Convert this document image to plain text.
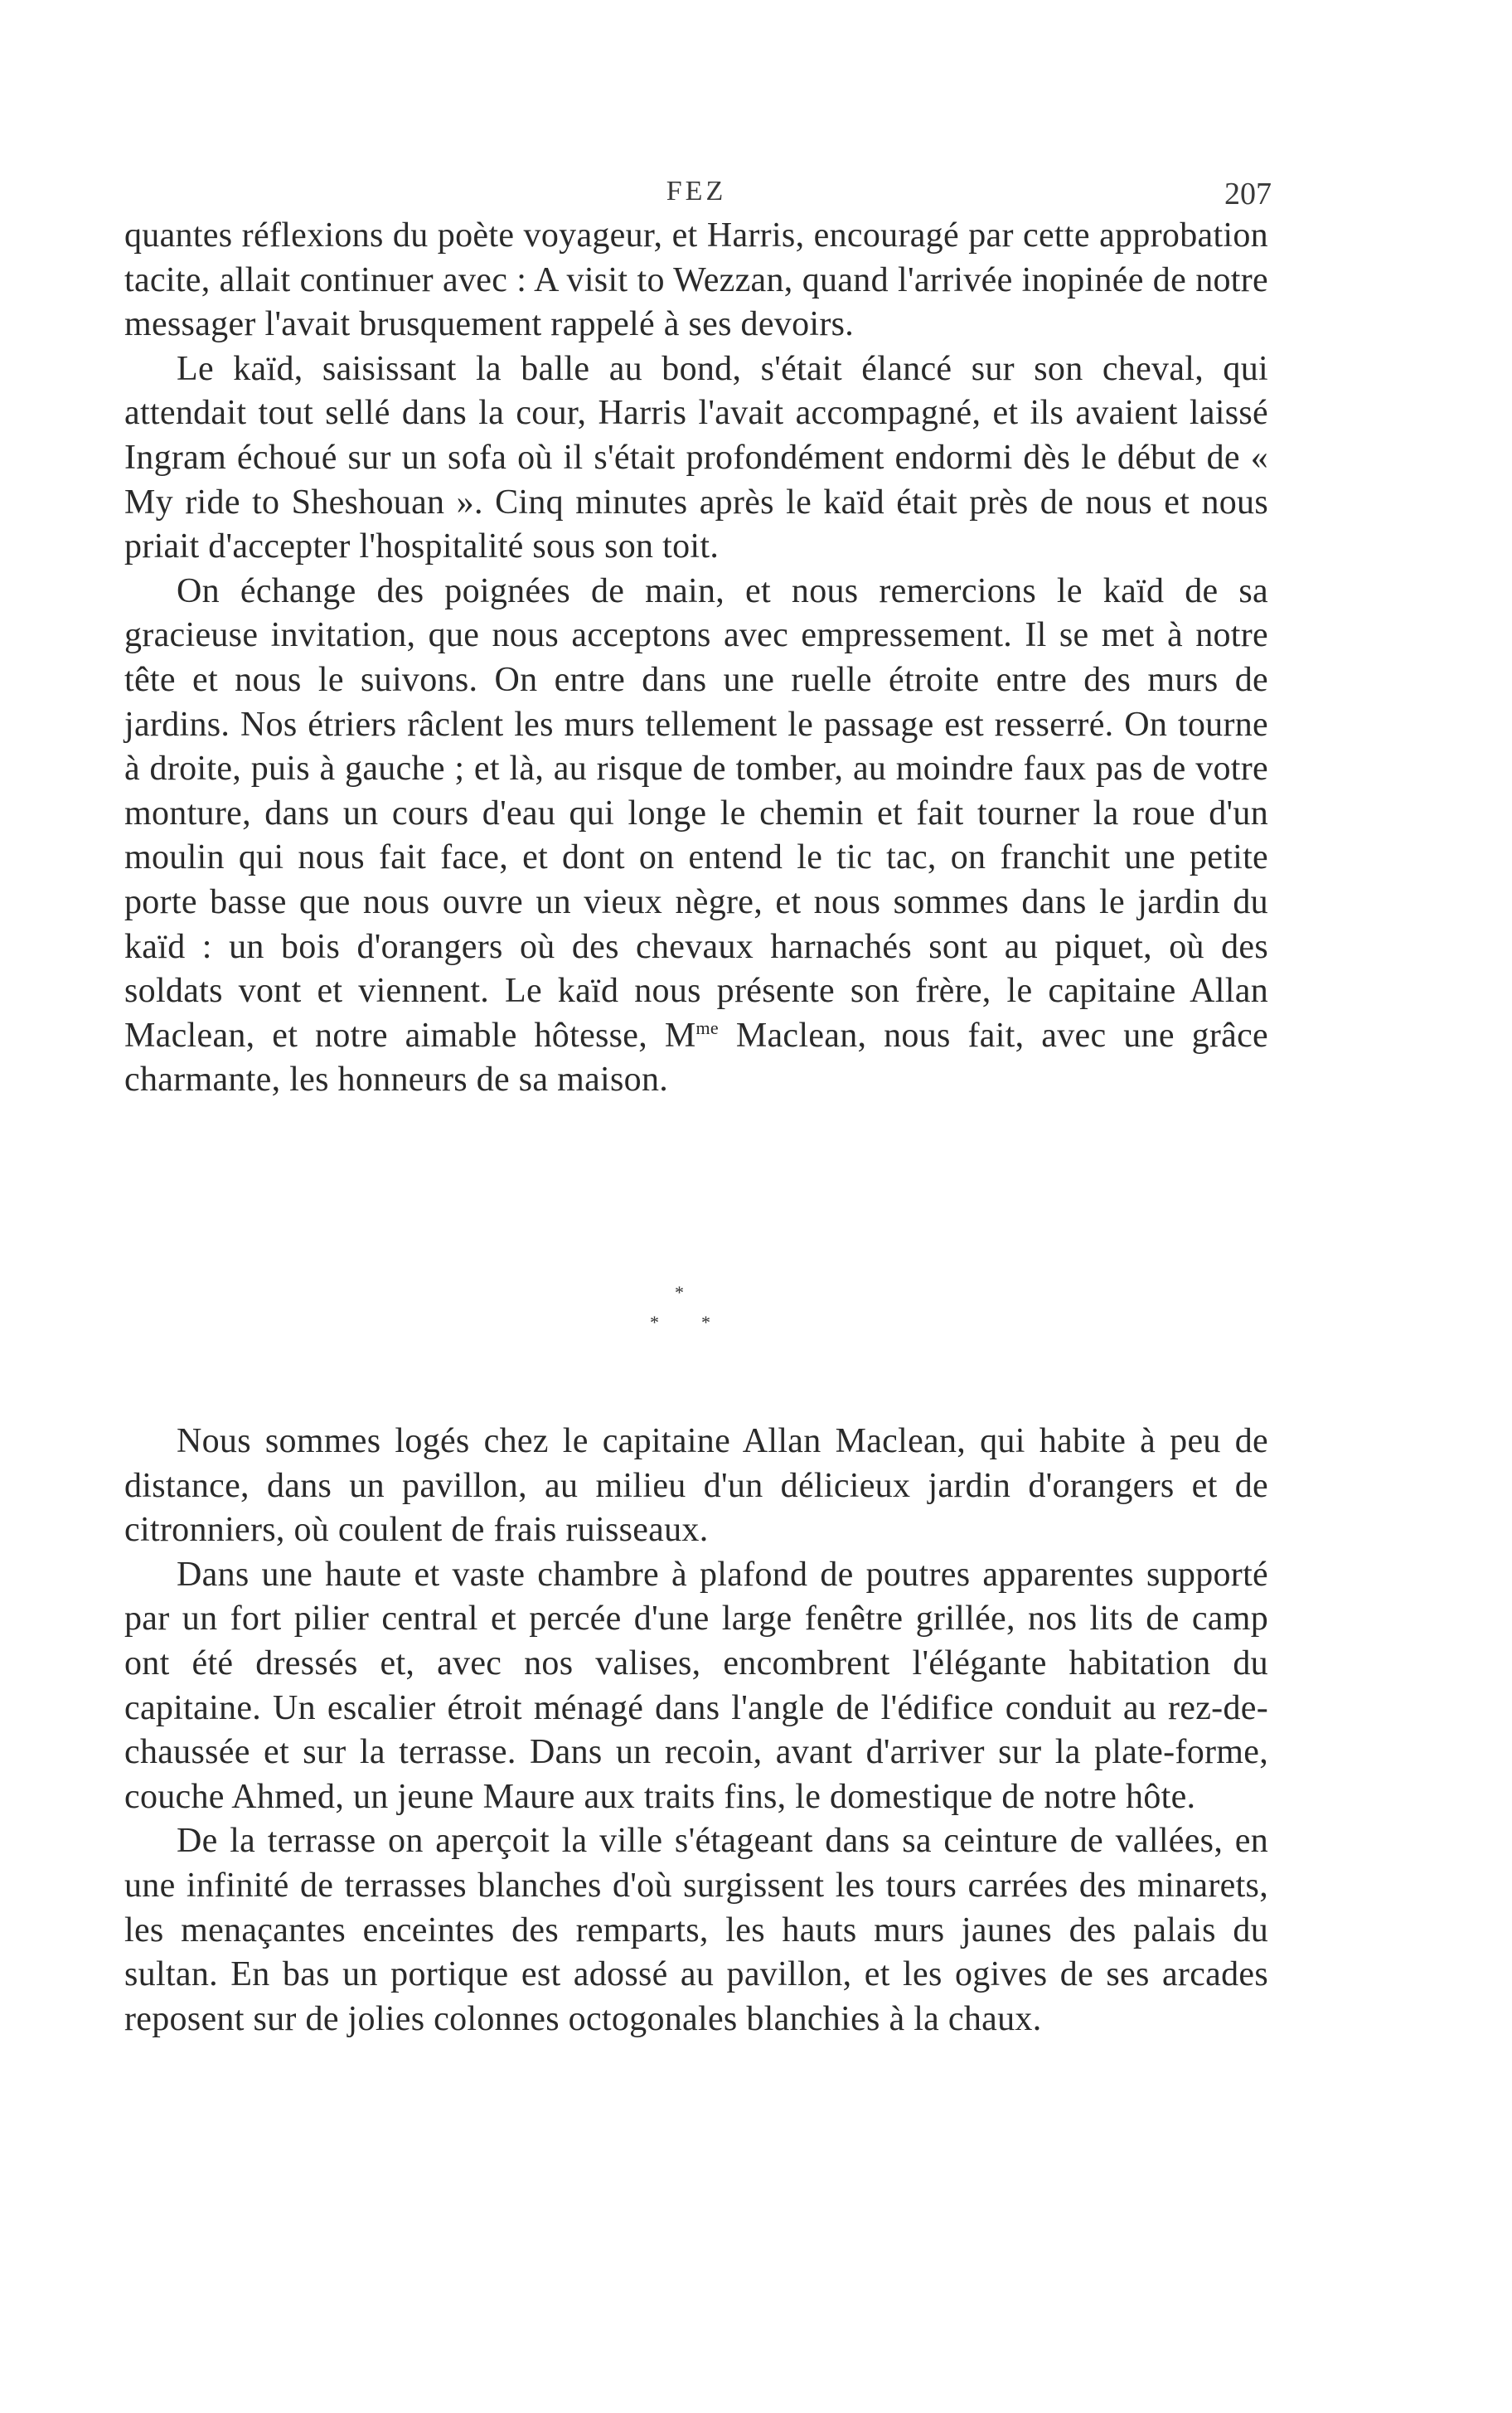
FEZ	207

quantes réflexions du poète voyageur, et Harris, encouragé par cette approbation tacite, allait continuer avec : A visit to Wezzan, quand l'arrivée inopinée de notre messager l'avait brusquement rappelé à ses devoirs.

Le kaïd, saisissant la balle au bond, s'était élancé sur son cheval, qui attendait tout sellé dans la cour, Harris l'avait accompagné, et ils avaient laissé Ingram échoué sur un sofa où il s'était profondément endormi dès le début de « My ride to Sheshouan ». Cinq minutes après le kaïd était près de nous et nous priait d'accepter l'hospitalité sous son toit.

On échange des poignées de main, et nous remercions le kaïd de sa gracieuse invitation, que nous acceptons avec empressement. Il se met à notre tête et nous le suivons. On entre dans une ruelle étroite entre des murs de jardins. Nos étriers râclent les murs tellement le passage est resserré. On tourne à droite, puis à gauche ; et là, au risque de tomber, au moindre faux pas de votre monture, dans un cours d'eau qui longe le chemin et fait tourner la roue d'un moulin qui nous fait face, et dont on entend le tic tac, on franchit une petite porte basse que nous ouvre un vieux nègre, et nous sommes dans le jardin du kaïd : un bois d'orangers où des chevaux harnachés sont au piquet, où des soldats vont et viennent. Le kaïd nous présente son frère, le capitaine Allan Maclean, et notre aimable hôtesse, $M^{me}$ Maclean, nous fait, avec une grâce charmante, les honneurs de sa maison.

*
* *

Nous sommes logés chez le capitaine Allan Maclean, qui habite à peu de distance, dans un pavillon, au milieu d'un délicieux jardin d'orangers et de citronniers, où coulent de frais ruisseaux.

Dans une haute et vaste chambre à plafond de poutres apparentes supporté par un fort pilier central et percée d'une large fenêtre grillée, nos lits de camp ont été dressés et, avec nos valises, encombrent l'élégante habitation du capitaine. Un escalier étroit ménagé dans l'angle de l'édifice conduit au rez-de-chaussée et sur la terrasse. Dans un recoin, avant d'arriver sur la plate-forme, couche Ahmed, un jeune Maure aux traits fins, le domestique de notre hôte.

De la terrasse on aperçoit la ville s'étageant dans sa ceinture de vallées, en une infinité de terrasses blanches d'où surgissent les tours carrées des minarets, les menaçantes enceintes des remparts, les hauts murs jaunes des palais du sultan. En bas un portique est adossé au pavillon, et les ogives de ses arcades reposent sur de jolies colonnes octogonales blanchies à la chaux.
